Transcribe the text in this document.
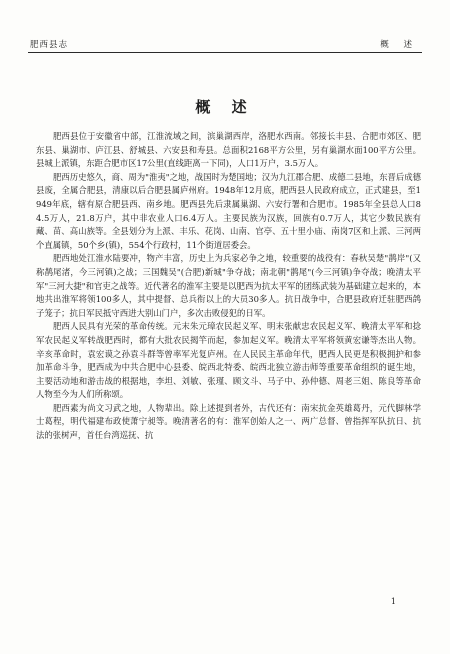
肥西县志	概 述
概 述

肥西县位于安徽省中部，江淮流域之间，滨巢湖西岸，洛肥水西南。邻接长丰县、合肥市郊区、肥东县、巢湖市、庐江县、舒城县、六安县和寿县。总面积2168平方公里，另有巢湖水面100平方公里。县城上派镇，东距合肥市区17公里(直线距离一下同)，人口1万户，3.5万人。

肥西历史悠久，商、周为"淮夷"之地，战国时为楚国地；汉为九江郡合肥、成德二县地，东晋后成德县废，全属合肥县，清康以后合肥县属庐州府。1948年12月底，肥西县人民政府成立，正式建县，至1949年底，辖有原合肥县西、南乡地。肥西县先后隶属巢湖、六安行署和合肥市。1985年全县总人口84.5万人，21.8万户，其中非农业人口6.4万人。主要民族为汉族，回族有0.7万人，其它少数民族有藏、苗、高山族等。全县划分为上派、丰乐、花岗、山南、官亭、五十里小庙、南岗7区和上派、三河两个直属镇，50个乡(镇)，554个行政村，11个街道居委会。

肥西地处江淮水陆要冲，物产丰富，历史上为兵家必争之地，较重要的战役有：春秋吴楚"鹊岸"(又称鹊尾渚，今三河镇)之战；三国魏吴"(合肥)新城"争夺战；南北朝"鹊尾"(今三河镇)争夺战；晚清太平军"三河大捷"和官吏之战等。近代著名的淮军主要是以肥西为抗太平军的团练武装为基础建立起来的，本地共出淮军将领100多人，其中提督、总兵衔以上的大员30多人。抗日战争中，合肥县政府迁驻肥西鸽子笼子；抗日军民抵守西进大别山门户，多次击败侵犯的日军。

肥西人民具有光荣的革命传统。元末朱元璋农民起义军、明末张献忠农民起义军、晚清太平军和捻军农民起义军转战肥西时，都有大批农民揭竿而起，参加起义军。晚清太平军将领黄宏谦等杰出人物。辛亥革命时，袁宏谟之孙袁斗群等曾率军光复庐州。在人民民主革命年代，肥西人民更是积极拥护和参加革命斗争，肥西成为中共合肥中心县委、皖西北特委、皖西北独立游击师等重要革命组织的诞生地，主要活动地和游击战的根据地，李坦、刘敏、张瑾、顾文斗、马子中、孙仲德、周老三姐、陈良等革命人物至今为人们所称颂。

肥西素为尚文习武之地，人物辈出。除上述提到者外，古代还有：南宋抗金英雄葛丹，元代脚林学士葛程，明代福建布政使萧宁昶等。晚清著名的有：淮军创始人之一、两广总督、曾指挥军队抗日、抗法的张树声，首任台湾巡抚、抗

1
